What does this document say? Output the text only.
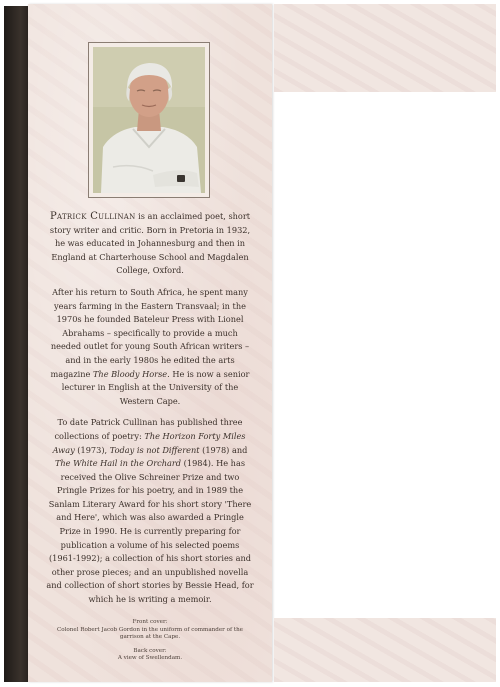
Patrick Cullinan is an acclaimed poet, short story writer and critic. Born in Pretoria in 1932, he was educated in Johannesburg and then in England at Charterhouse School and Magdalen College, Oxford.

After his return to South Africa, he spent many years farming in the Eastern Transvaal; in the 1970s he founded Bateleur Press with Lionel Abrahams – specifically to provide a much needed outlet for young South African writers – and in the early 1980s he edited the arts magazine The Bloody Horse. He is now a senior lecturer in English at the University of the Western Cape.

To date Patrick Cullinan has published three collections of poetry: The Horizon Forty Miles Away (1973), Today is not Different (1978) and The White Hail in the Orchard (1984). He has received the Olive Schreiner Prize and two Pringle Prizes for his poetry, and in 1989 the Sanlam Literary Award for his short story 'There and Here', which was also awarded a Pringle Prize in 1990. He is currently preparing for publication a volume of his selected poems (1961-1992); a collection of his short stories and other prose pieces; and an unpublished novella and collection of short stories by Bessie Head, for which he is writing a memoir.

Front cover:
Colonel Robert Jacob Gordon in the uniform of commander of the garrison at the Cape.

Back cover:
A view of Swellendam.
